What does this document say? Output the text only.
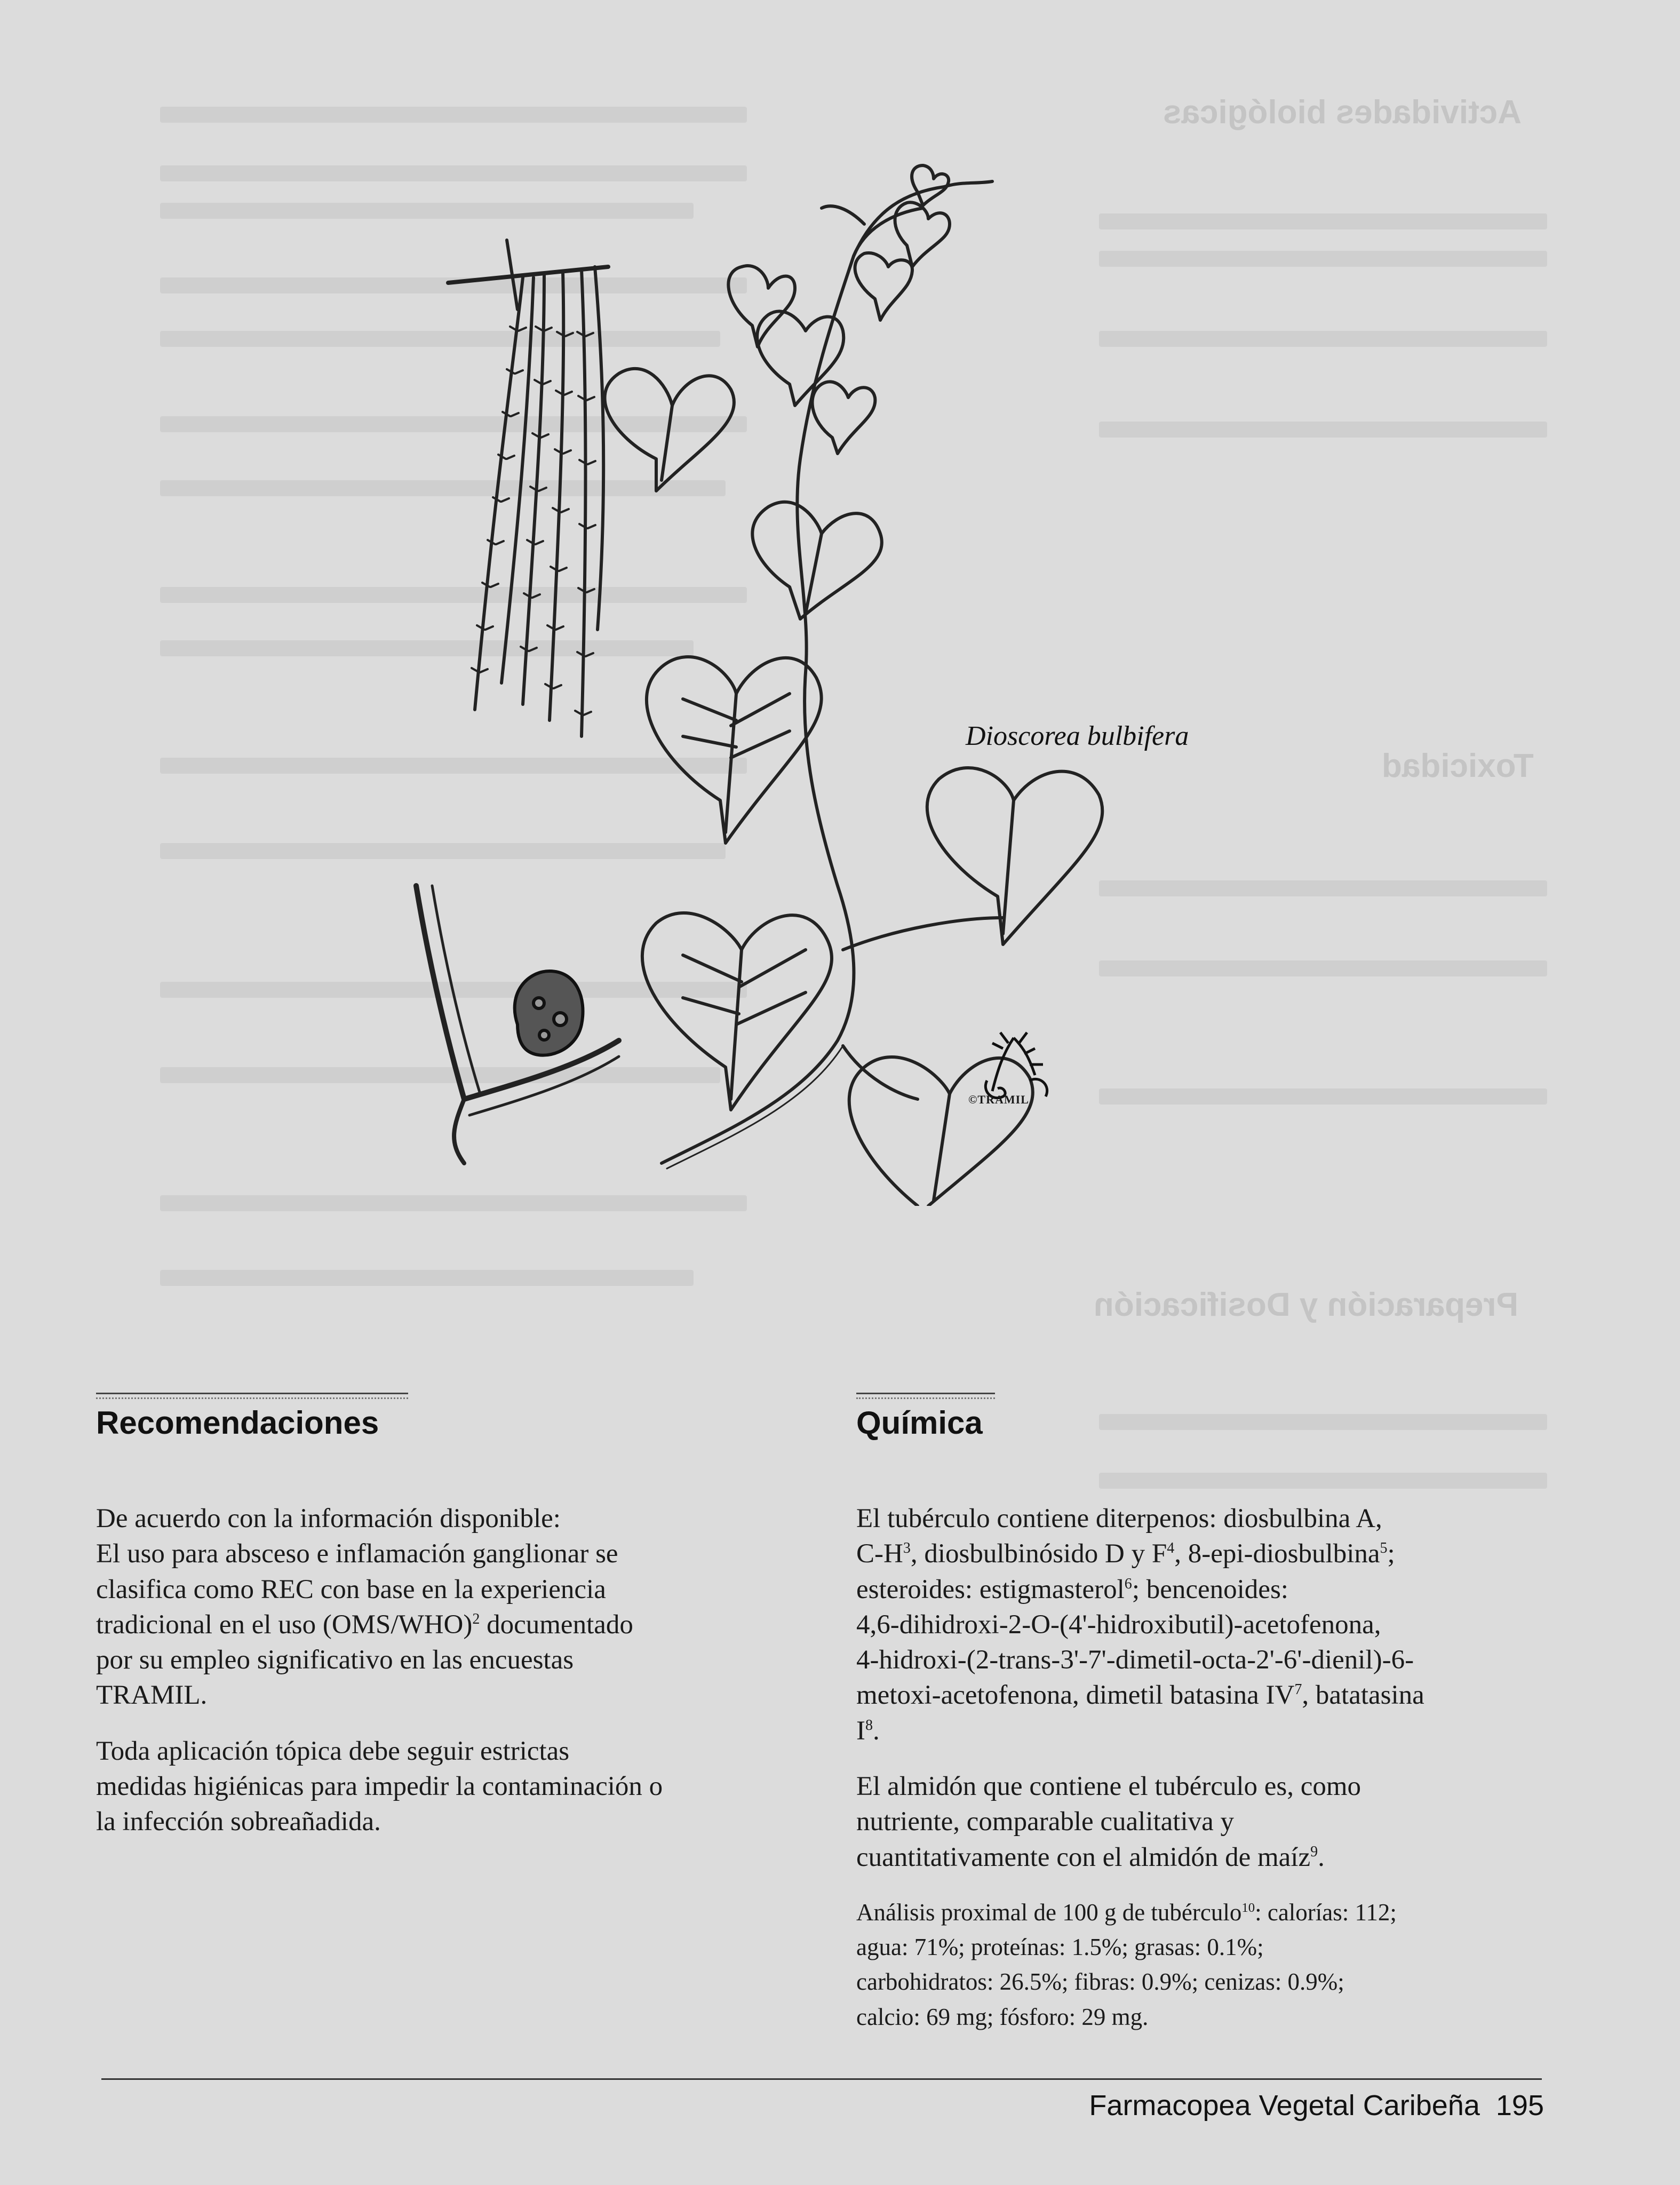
Actividades biológicas
Toxicidad
Preparación y Dosificación
Dioscorea bulbifera
©TRAMIL
Recomendaciones

De acuerdo con la información disponible:
El uso para absceso e inflamación ganglionar se
clasifica como REC con base en la experiencia
tradicional en el uso $(OMS/WHO)^2$ documentado
por su empleo significativo en las encuestas
TRAMIL.

Toda aplicación tópica debe seguir estrictas
medidas higiénicas para impedir la contaminación o
la infección sobreañadida.

Química

El tubérculo contiene diterpenos: diosbulbina A,
$C-H^3$, diosbulbinósido D y $F^4$, 8-epi-diosbulbina$^5$;
esteroides: estigmasterol$^6$; bencenoides:
4,6-dihidroxi-2-O-(4'-hidroxibutil)-acetofenona,
4-hidroxi-(2-trans-3'-7'-dimetil-octa-2'-6'-dienil)-6-
metoxi-acetofenona, dimetil batasina $IV^7$, batatasina
$I^8$.

El almidón que contiene el tubérculo es, como
nutriente, comparable cualitativa y
cuantitativamente con el almidón de maíz$^9$.

Análisis proximal de 100 g de tubérculo$^{10}$: calorías: 112;
agua: 71%; proteínas: 1.5%; grasas: 0.1%;
carbohidratos: 26.5%; fibras: 0.9%; cenizas: 0.9%;
calcio: 69 mg; fósforo: 29 mg.

Farmacopea Vegetal Caribeña 195
